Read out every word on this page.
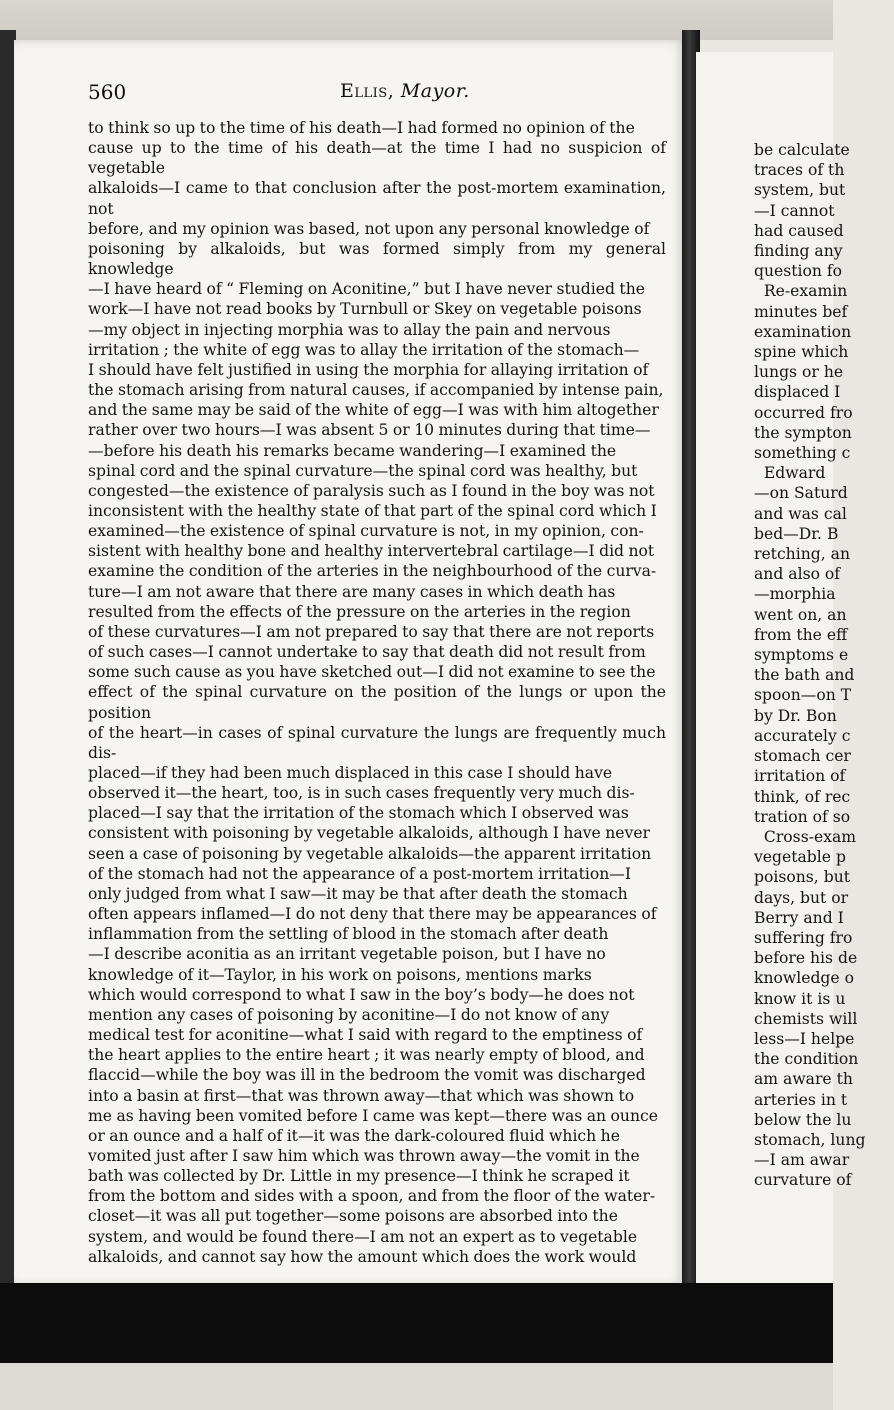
560	Ellis, Mayor.

to think so up to the time of his death—I had formed no opinion of the
cause up to the time of his death—at the time I had no suspicion of vegetable
alkaloids—I came to that conclusion after the post-mortem examination, not
before, and my opinion was based, not upon any personal knowledge of
poisoning by alkaloids, but was formed simply from my general knowledge
—I have heard of “ Fleming on Aconitine,” but I have never studied the
work—I have not read books by Turnbull or Skey on vegetable poisons
—my object in injecting morphia was to allay the pain and nervous
irritation ; the white of egg was to allay the irritation of the stomach—
I should have felt justified in using the morphia for allaying irritation of
the stomach arising from natural causes, if accompanied by intense pain,
and the same may be said of the white of egg—I was with him altogether
rather over two hours—I was absent 5 or 10 minutes during that time—
—before his death his remarks became wandering—I examined the
spinal cord and the spinal curvature—the spinal cord was healthy, but
congested—the existence of paralysis such as I found in the boy was not
inconsistent with the healthy state of that part of the spinal cord which I
examined—the existence of spinal curvature is not, in my opinion, con-
sistent with healthy bone and healthy intervertebral cartilage—I did not
examine the condition of the arteries in the neighbourhood of the curva-
ture—I am not aware that there are many cases in which death has
resulted from the effects of the pressure on the arteries in the region
of these curvatures—I am not prepared to say that there are not reports
of such cases—I cannot undertake to say that death did not result from
some such cause as you have sketched out—I did not examine to see the
effect of the spinal curvature on the position of the lungs or upon the position
of the heart—in cases of spinal curvature the lungs are frequently much dis-
placed—if they had been much displaced in this case I should have
observed it—the heart, too, is in such cases frequently very much dis-
placed—I say that the irritation of the stomach which I observed was
consistent with poisoning by vegetable alkaloids, although I have never
seen a case of poisoning by vegetable alkaloids—the apparent irritation
of the stomach had not the appearance of a post-mortem irritation—I
only judged from what I saw—it may be that after death the stomach
often appears inflamed—I do not deny that there may be appearances of
inflammation from the settling of blood in the stomach after death
—I describe aconitia as an irritant vegetable poison, but I have no
knowledge of it—Taylor, in his work on poisons, mentions marks
which would correspond to what I saw in the boy’s body—he does not
mention any cases of poisoning by aconitine—I do not know of any
medical test for aconitine—what I said with regard to the emptiness of
the heart applies to the entire heart ; it was nearly empty of blood, and
flaccid—while the boy was ill in the bedroom the vomit was discharged
into a basin at first—that was thrown away—that which was shown to
me as having been vomited before I came was kept—there was an ounce
or an ounce and a half of it—it was the dark-coloured fluid which he
vomited just after I saw him which was thrown away—the vomit in the
bath was collected by Dr. Little in my presence—I think he scraped it
from the bottom and sides with a spoon, and from the floor of the water-
closet—it was all put together—some poisons are absorbed into the
system, and would be found there—I am not an expert as to vegetable
alkaloids, and cannot say how the amount which does the work would

be calculate
traces of th
system, but
—I cannot
had caused
finding any
question fo
Re-examin
minutes bef
examination
spine which
lungs or he
displaced I
occurred fro
the sympton
something c
Edward
—on Saturd
and was cal
bed—Dr. B
retching, an
and also of
—morphia
went on, an
from the eff
symptoms e
the bath and
spoon—on T
by Dr. Bon
accurately c
stomach cer
irritation of
think, of rec
tration of so
Cross-exam
vegetable p
poisons, but
days, but or
Berry and I
suffering fro
before his de
knowledge o
know it is u
chemists will
less—I helpe
the condition
am aware th
arteries in t
below the lu
stomach, lung
—I am awar
curvature of
